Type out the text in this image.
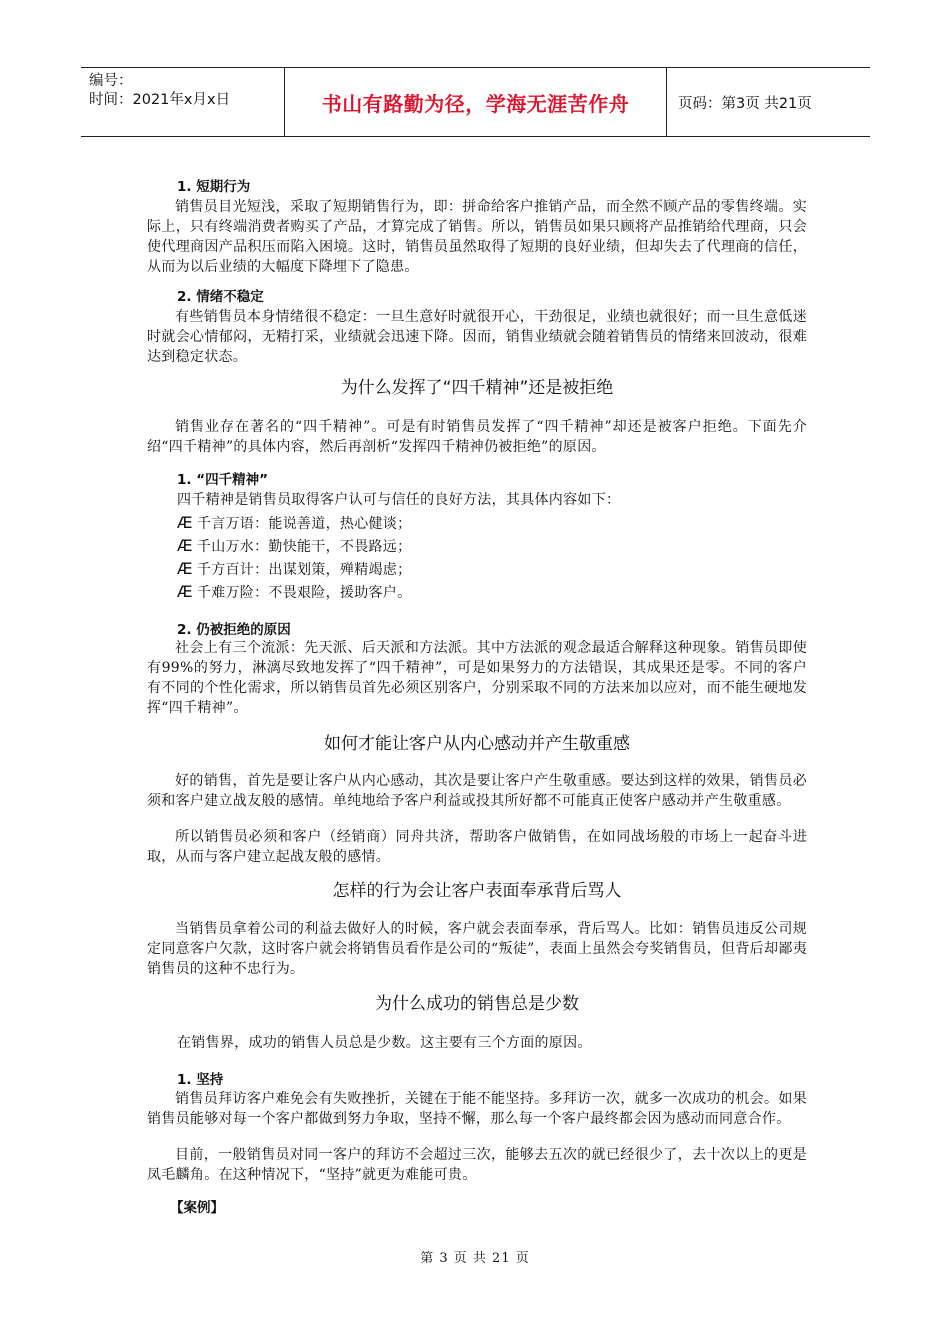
编号：
时间：2021年x月x日	书山有路勤为径，学海无涯苦作舟	页码：第3页 共21页
1. 短期行为

销售员目光短浅，采取了短期销售行为，即：拼命给客户推销产品，而全然不顾产品的零售终端。实际上，只有终端消费者购买了产品，才算完成了销售。所以，销售员如果只顾将产品推销给代理商，只会使代理商因产品积压而陷入困境。这时，销售员虽然取得了短期的良好业绩，但却失去了代理商的信任，从而为以后业绩的大幅度下降埋下了隐患。

2. 情绪不稳定

有些销售员本身情绪很不稳定：一旦生意好时就很开心，干劲很足，业绩也就很好；而一旦生意低迷时就会心情郁闷，无精打采，业绩就会迅速下降。因而，销售业绩就会随着销售员的情绪来回波动，很难达到稳定状态。

为什么发挥了“四千精神”还是被拒绝

销售业存在著名的“四千精神”。可是有时销售员发挥了“四千精神”却还是被客户拒绝。下面先介绍“四千精神”的具体内容，然后再剖析“发挥四千精神仍被拒绝”的原因。

1. “四千精神”
四千精神是销售员取得客户认可与信任的良好方法，其具体内容如下：
Æ 千言万语：能说善道，热心健谈；
Æ 千山万水：勤快能干，不畏路远；
Æ 千方百计：出谋划策，殚精竭虑；
Æ 千难万险：不畏艰险，援助客户。
2. 仍被拒绝的原因

社会上有三个流派：先天派、后天派和方法派。其中方法派的观念最适合解释这种现象。销售员即使有99%的努力，淋漓尽致地发挥了“四千精神”，可是如果努力的方法错误，其成果还是零。不同的客户有不同的个性化需求，所以销售员首先必须区别客户，分别采取不同的方法来加以应对，而不能生硬地发挥“四千精神”。

如何才能让客户从内心感动并产生敬重感

好的销售，首先是要让客户从内心感动，其次是要让客户产生敬重感。要达到这样的效果，销售员必须和客户建立战友般的感情。单纯地给予客户利益或投其所好都不可能真正使客户感动并产生敬重感。

所以销售员必须和客户（经销商）同舟共济，帮助客户做销售，在如同战场般的市场上一起奋斗进取，从而与客户建立起战友般的感情。

怎样的行为会让客户表面奉承背后骂人

当销售员拿着公司的利益去做好人的时候，客户就会表面奉承，背后骂人。比如：销售员违反公司规定同意客户欠款，这时客户就会将销售员看作是公司的“叛徒”，表面上虽然会夸奖销售员，但背后却鄙夷销售员的这种不忠行为。

为什么成功的销售总是少数
在销售界，成功的销售人员总是少数。这主要有三个方面的原因。
1. 坚持

销售员拜访客户难免会有失败挫折，关键在于能不能坚持。多拜访一次，就多一次成功的机会。如果销售员能够对每一个客户都做到努力争取，坚持不懈，那么每一个客户最终都会因为感动而同意合作。

目前，一般销售员对同一客户的拜访不会超过三次，能够去五次的就已经很少了，去十次以上的更是凤毛麟角。在这种情况下，“坚持”就更为难能可贵。

【案例】
第 3 页 共 21 页
